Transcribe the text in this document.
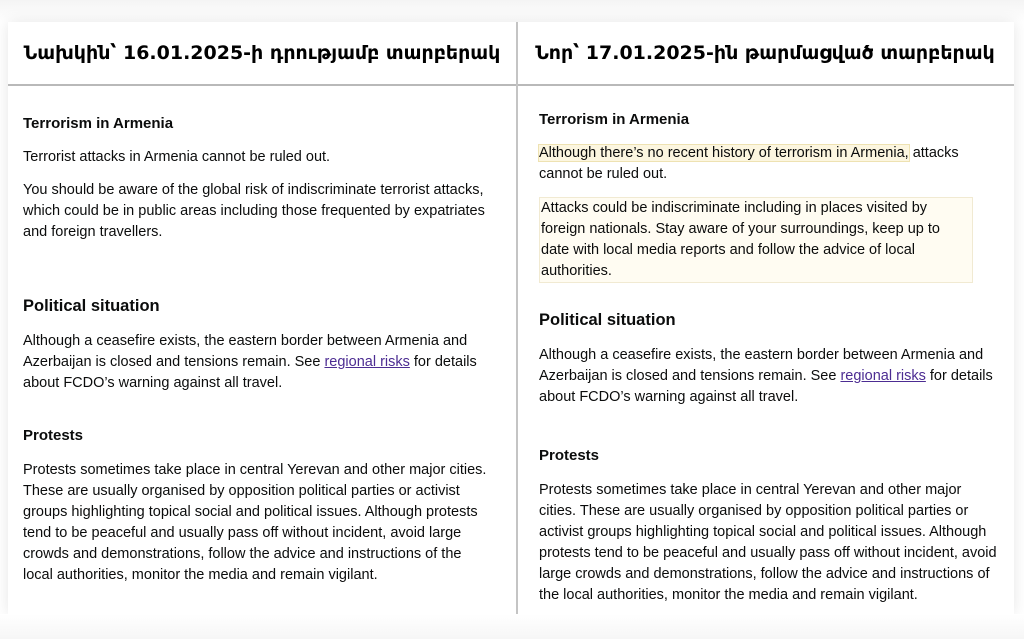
Նախկին՝ 16.01.2025-ի դրությամբ տարբերակ	Նոր՝ 17.01.2025-ին թարմացված տարբերակ
Terrorism in Armenia

Terrorist attacks in Armenia cannot be ruled out.

You should be aware of the global risk of indiscriminate terrorist attacks, which could be in public areas including those frequented by expatriates and foreign travellers.

Political situation

Although a ceasefire exists, the eastern border between Armenia and Azerbaijan is closed and tensions remain. See regional risks for details about FCDO’s warning against all travel.

Protests

Protests sometimes take place in central Yerevan and other major cities. These are usually organised by opposition political parties or activist groups highlighting topical social and political issues. Although protests tend to be peaceful and usually pass off without incident, avoid large crowds and demonstrations, follow the advice and instructions of the local authorities, monitor the media and remain vigilant.

Terrorism in Armenia

Although there’s no recent history of terrorism in Armenia, attacks cannot be ruled out.

Attacks could be indiscriminate including in places visited by foreign nationals. Stay aware of your surroundings, keep up to date with local media reports and follow the advice of local authorities.

Political situation

Although a ceasefire exists, the eastern border between Armenia and Azerbaijan is closed and tensions remain. See regional risks for details about FCDO’s warning against all travel.

Protests

Protests sometimes take place in central Yerevan and other major cities. These are usually organised by opposition political parties or activist groups highlighting topical social and political issues. Although protests tend to be peaceful and usually pass off without incident, avoid large crowds and demonstrations, follow the advice and instructions of the local authorities, monitor the media and remain vigilant.
